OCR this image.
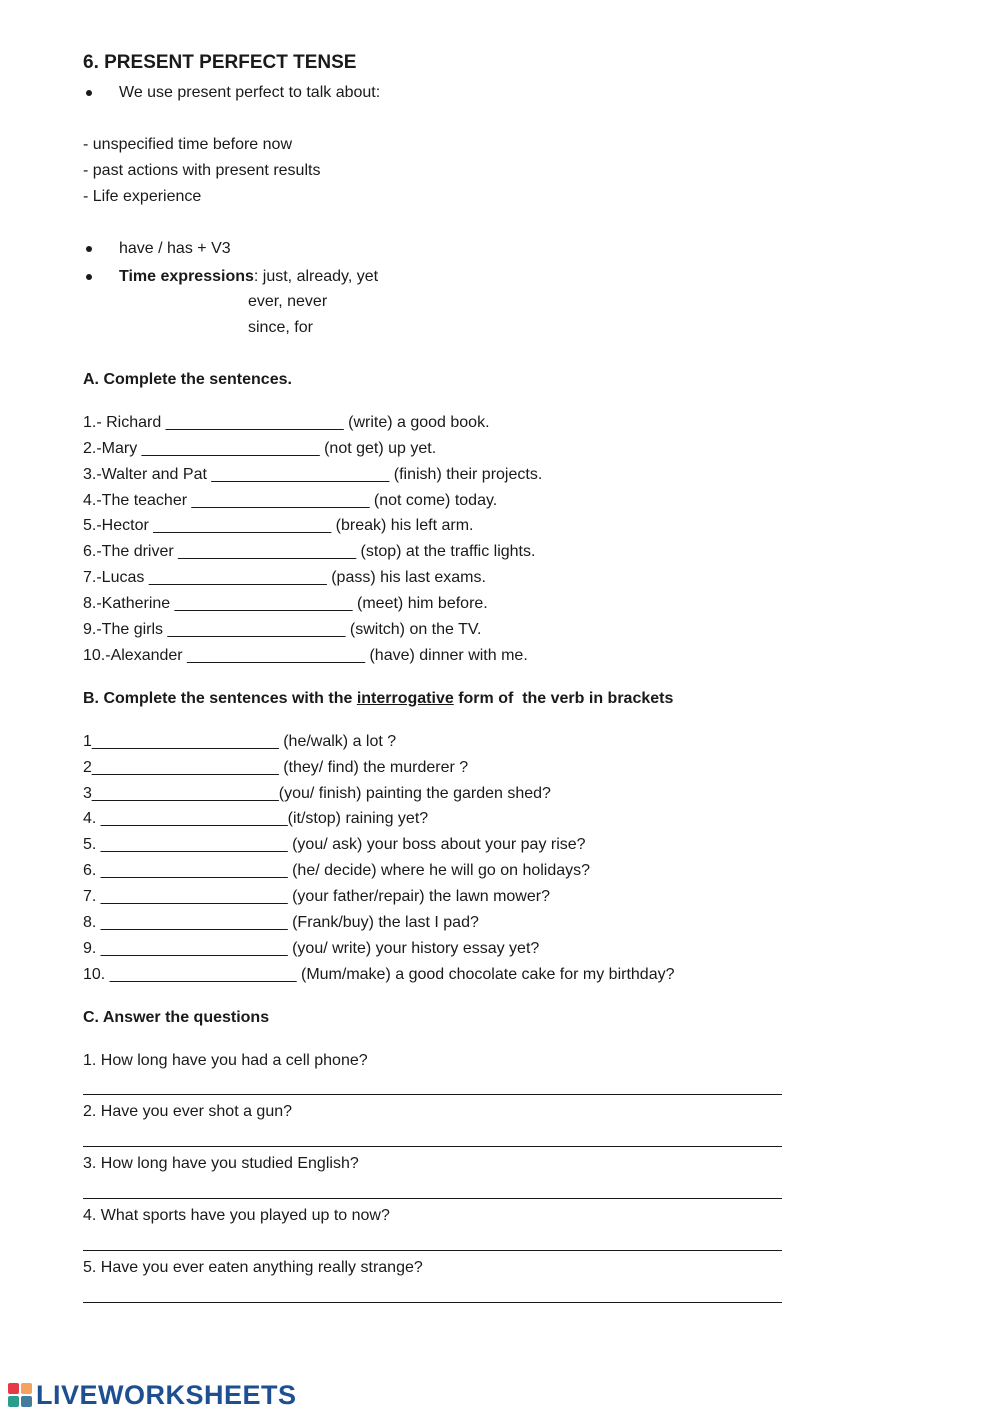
6. PRESENT PERFECT TENSE
We use present perfect to talk about:
- unspecified time before now
- past actions with present results
- Life experience
have / has + V3
Time expressions: just, already, yet
ever, never
since, for
A. Complete the sentences.
1.- Richard ____________________ (write) a good book.
2.-Mary ____________________ (not get) up yet.
3.-Walter and Pat ____________________ (finish) their projects.
4.-The teacher ____________________ (not come) today.
5.-Hector ____________________ (break) his left arm.
6.-The driver ____________________ (stop) at the traffic lights.
7.-Lucas ____________________ (pass) his last exams.
8.-Katherine ____________________ (meet) him before.
9.-The girls ____________________ (switch) on the TV.
10.-Alexander ____________________ (have) dinner with me.
B. Complete the sentences with the interrogative form of  the verb in brackets
1_____________________ (he/walk) a lot ?
2_____________________ (they/ find) the murderer ?
3_____________________(you/ finish) painting the garden shed?
4. _____________________(it/stop) raining yet?
5. _____________________ (you/ ask) your boss about your pay rise?
6. _____________________ (he/ decide) where he will go on holidays?
7. _____________________ (your father/repair) the lawn mower?
8. _____________________ (Frank/buy) the last I pad?
9. _____________________ (you/ write) your history essay yet?
10. _____________________ (Mum/make) a good chocolate cake for my birthday?
C. Answer the questions
1. How long have you had a cell phone?
2. Have you ever shot a gun?
3. How long have you studied English?
4. What sports have you played up to now?
5. Have you ever eaten anything really strange?
LIVEWORKSHEETS
